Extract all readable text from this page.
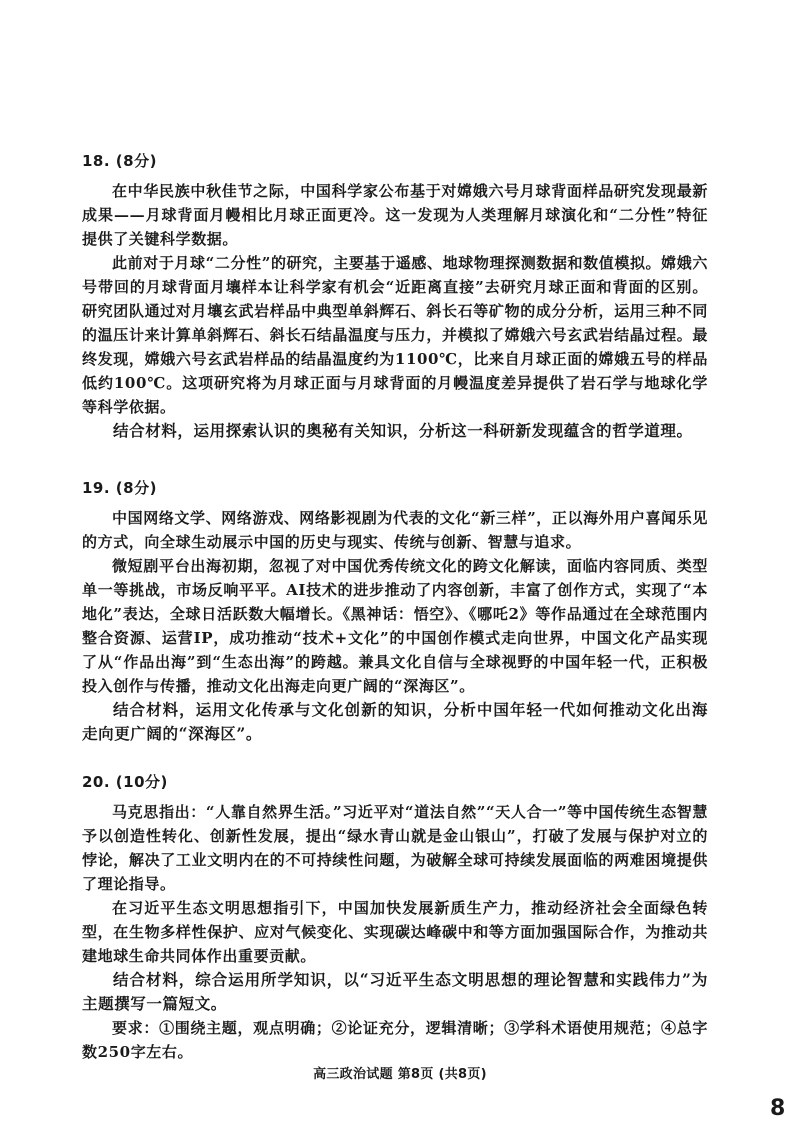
18. (8分)

在中华民族中秋佳节之际，中国科学家公布基于对嫦娥六号月球背面样品研究发现最新成果——月球背面月幔相比月球正面更冷。这一发现为人类理解月球演化和“二分性”特征提供了关键科学数据。

此前对于月球“二分性”的研究，主要基于遥感、地球物理探测数据和数值模拟。嫦娥六号带回的月球背面月壤样本让科学家有机会“近距离直接”去研究月球正面和背面的区别。研究团队通过对月壤玄武岩样品中典型单斜辉石、斜长石等矿物的成分分析，运用三种不同的温压计来计算单斜辉石、斜长石结晶温度与压力，并模拟了嫦娥六号玄武岩结晶过程。最终发现，嫦娥六号玄武岩样品的结晶温度约为1100℃，比来自月球正面的嫦娥五号的样品低约100℃。这项研究将为月球正面与月球背面的月幔温度差异提供了岩石学与地球化学等科学依据。

结合材料，运用探索认识的奥秘有关知识，分析这一科研新发现蕴含的哲学道理。

19. (8分)

中国网络文学、网络游戏、网络影视剧为代表的文化“新三样”，正以海外用户喜闻乐见的方式，向全球生动展示中国的历史与现实、传统与创新、智慧与追求。

微短剧平台出海初期，忽视了对中国优秀传统文化的跨文化解读，面临内容同质、类型单一等挑战，市场反响平平。AI技术的进步推动了内容创新，丰富了创作方式，实现了“本地化”表达，全球日活跃数大幅增长。《黑神话：悟空》、《哪吒2》等作品通过在全球范围内整合资源、运营IP，成功推动“技术+文化”的中国创作模式走向世界，中国文化产品实现了从“作品出海”到“生态出海”的跨越。兼具文化自信与全球视野的中国年轻一代，正积极投入创作与传播，推动文化出海走向更广阔的“深海区”。

结合材料，运用文化传承与文化创新的知识，分析中国年轻一代如何推动文化出海走向更广阔的“深海区”。

20. (10分)

马克思指出：“人靠自然界生活。”习近平对“道法自然”“天人合一”等中国传统生态智慧予以创造性转化、创新性发展，提出“绿水青山就是金山银山”，打破了发展与保护对立的悖论，解决了工业文明内在的不可持续性问题，为破解全球可持续发展面临的两难困境提供了理论指导。

在习近平生态文明思想指引下，中国加快发展新质生产力，推动经济社会全面绿色转型，在生物多样性保护、应对气候变化、实现碳达峰碳中和等方面加强国际合作，为推动共建地球生命共同体作出重要贡献。

结合材料，综合运用所学知识，以“习近平生态文明思想的理论智慧和实践伟力”为主题撰写一篇短文。

要求：①围绕主题，观点明确；②论证充分，逻辑清晰；③学科术语使用规范；④总字数250字左右。

高三政治试题 第8页 (共8页)
8
